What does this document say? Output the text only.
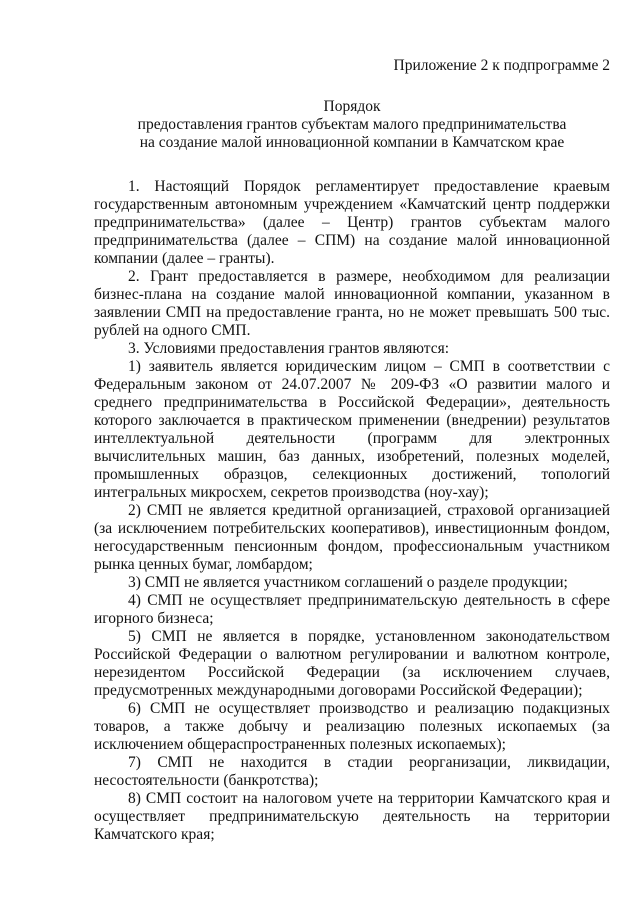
Приложение 2 к подпрограмме 2
Порядок
предоставления грантов субъектам малого предпринимательства
на создание малой инновационной компании в Камчатском крае

1. Настоящий Порядок регламентирует предоставление краевым государственным автономным учреждением «Камчатский центр поддержки предпринимательства» (далее – Центр) грантов субъектам малого предпринимательства (далее – СПМ) на создание малой инновационной компании (далее – гранты).

2. Грант предоставляется в размере, необходимом для реализации бизнес-плана на создание малой инновационной компании, указанном в заявлении СМП на предоставление гранта, но не может превышать 500 тыс. рублей на одного СМП.

3. Условиями предоставления грантов являются:

1) заявитель является юридическим лицом – СМП в соответствии с Федеральным законом от 24.07.2007 № 209-ФЗ «О развитии малого и среднего предпринимательства в Российской Федерации», деятельность которого заключается в практическом применении (внедрении) результатов интеллектуальной деятельности (программ для электронных вычислительных машин, баз данных, изобретений, полезных моделей, промышленных образцов, селекционных достижений, топологий интегральных микросхем, секретов производства (ноу-хау);

2) СМП не является кредитной организацией, страховой организацией (за исключением потребительских кооперативов), инвестиционным фондом, негосударственным пенсионным фондом, профессиональным участником рынка ценных бумаг, ломбардом;

3) СМП не является участником соглашений о разделе продукции;

4) СМП не осуществляет предпринимательскую деятельность в сфере игорного бизнеса;

5) СМП не является в порядке, установленном законодательством Российской Федерации о валютном регулировании и валютном контроле, нерезидентом Российской Федерации (за исключением случаев, предусмотренных международными договорами Российской Федерации);

6) СМП не осуществляет производство и реализацию подакцизных товаров, а также добычу и реализацию полезных ископаемых (за исключением общераспространенных полезных ископаемых);

7) СМП не находится в стадии реорганизации, ликвидации, несостоятельности (банкротства);

8) СМП состоит на налоговом учете на территории Камчатского края и осуществляет предпринимательскую деятельность на территории Камчатского края;
